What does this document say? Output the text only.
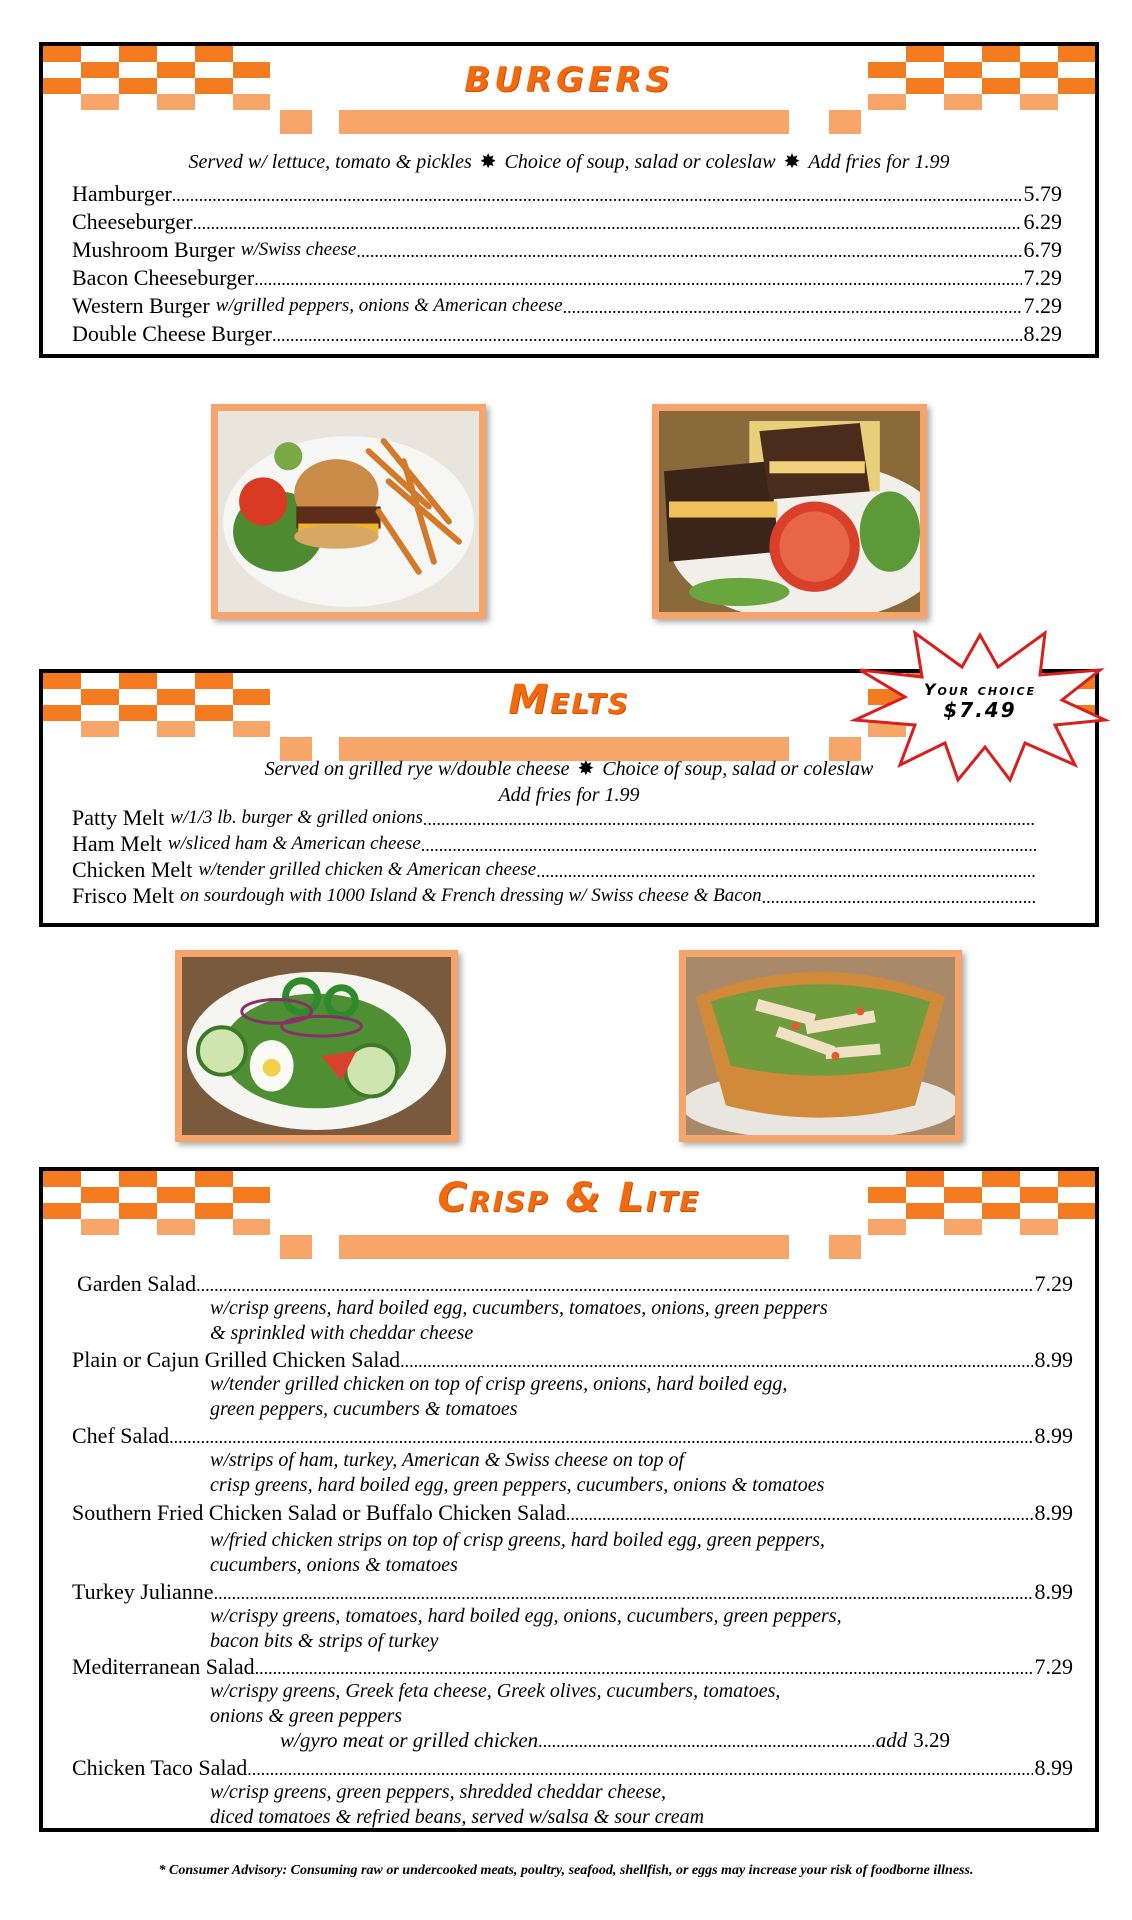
BURGERS
Served w/ lettuce, tomato & pickles ✸ Choice of soup, salad or coleslaw ✸ Add fries for 1.99
Hamburger .....	5.79
Cheeseburger .....	6.29
Mushroom Burger w/Swiss cheese .....	6.79
Bacon Cheeseburger .....	7.29
Western Burger w/grilled peppers, onions & American cheese .....	7.29
Double Cheese Burger .....	8.29
Melts
Served on grilled rye w/double cheese ✸ Choice of soup, salad or coleslaw
Add fries for 1.99
Patty Melt w/1/3 lb. burger & grilled onions
.....
Ham Melt w/sliced ham & American cheese
.....
Chicken Melt w/tender grilled chicken & American cheese
.....
Frisco Melt on sourdough with 1000 Island & French dressing w/ Swiss cheese & Bacon
.....
Your choice
$7.49
Crisp & Lite
Garden Salad .....	7.29
w/crisp greens, hard boiled egg, cucumbers, tomatoes, onions, green peppers
& sprinkled with cheddar cheese
Plain or Cajun Grilled Chicken Salad .....	8.99
w/tender grilled chicken on top of crisp greens, onions, hard boiled egg,
green peppers, cucumbers & tomatoes
Chef Salad .....	8.99
w/strips of ham, turkey, American & Swiss cheese on top of
crisp greens, hard boiled egg, green peppers, cucumbers, onions & tomatoes
Southern Fried Chicken Salad or Buffalo Chicken Salad .....	8.99
w/fried chicken strips on top of crisp greens, hard boiled egg, green peppers,
cucumbers, onions & tomatoes
Turkey Julianne .....	8.99
w/crispy greens, tomatoes, hard boiled egg, onions, cucumbers, green peppers,
bacon bits & strips of turkey
Mediterranean Salad .....	7.29
w/crispy greens, Greek feta cheese, Greek olives, cucumbers, tomatoes,
onions & green peppers
w/gyro meat or grilled chicken .....	add 3.29
Chicken Taco Salad .....	8.99
w/crisp greens, green peppers, shredded cheddar cheese,
diced tomatoes & refried beans, served w/salsa & sour cream
* Consumer Advisory: Consuming raw or undercooked meats, poultry, seafood, shellfish, or eggs may increase your risk of foodborne illness.
